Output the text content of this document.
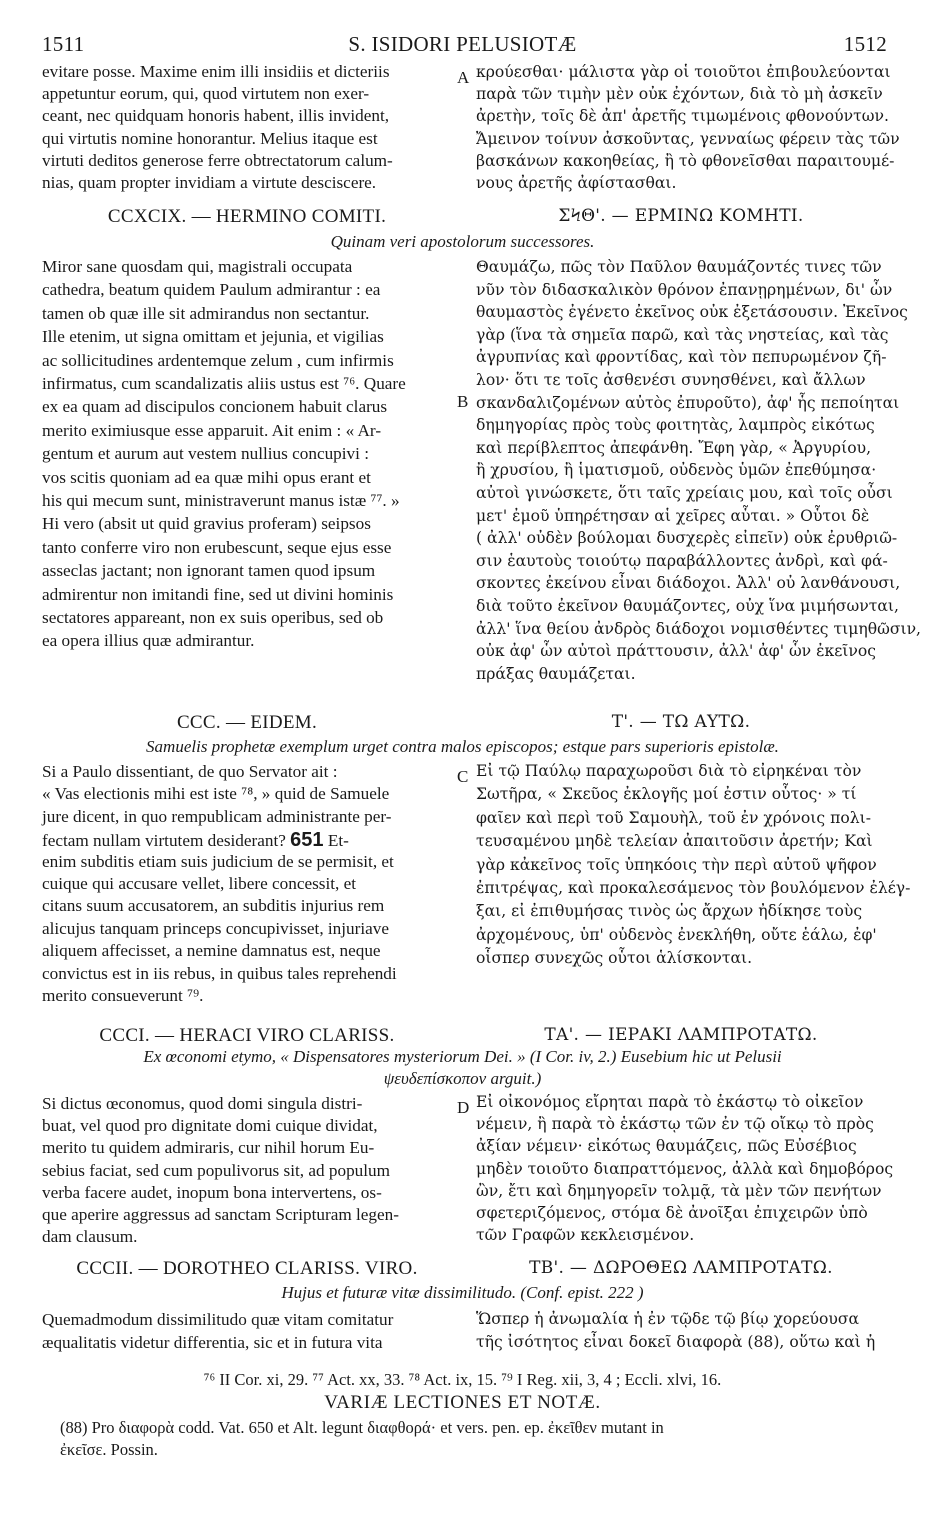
1511	S. ISIDORI PELUSIOTÆ	1512
evitare posse. Maxime enim illi insidiis et dicteriis
appetuntur eorum, qui, quod virtutem non exer-
ceant, nec quidquam honoris habent, illis invident,
qui virtutis nomine honorantur. Melius itaque est
virtuti deditos generose ferre obtrectatorum calum-
nias, quam propter invidiam a virtute desciscere.
κρούεσθαι· μάλιστα γὰρ οἱ τοιοῦτοι ἐπιβουλεύονται
παρὰ τῶν τιμὴν μὲν οὐκ ἐχόντων, διὰ τὸ μὴ ἀσκεῖν
ἀρετὴν, τοῖς δὲ ἀπ' ἀρετῆς τιμωμένοις φθονούντων.
Ἄμεινον τοίνυν ἀσκοῦντας, γενναίως φέρειν τὰς τῶν
βασκάνων κακοηθείας, ἢ τὸ φθονεῖσθαι παραιτουμέ-
νους ἀρετῆς ἀφίστασθαι.
CCXCIX. — HERMINO COMITI.	ΣϞΘ'. — ΕΡΜΙΝΩ ΚΟΜΗΤΙ.
Quinam veri apostolorum successores.
Miror sane quosdam qui, magistrali occupata
cathedra, beatum quidem Paulum admirantur : ea
tamen ob quæ ille sit admirandus non sectantur.
Ille etenim, ut signa omittam et jejunia, et vigilias
ac sollicitudines ardentemque zelum , cum infirmis
infirmatus, cum scandalizatis aliis ustus est ⁷⁶. Quare
ex ea quam ad discipulos concionem habuit clarus
merito eximiusque esse apparuit. Ait enim : « Ar-
gentum et aurum aut vestem nullius concupivi :
vos scitis quoniam ad ea quæ mihi opus erant et
his qui mecum sunt, ministraverunt manus istæ ⁷⁷. »
Hi vero (absit ut quid gravius proferam) seipsos
tanto conferre viro non erubescunt, seque ejus esse
asseclas jactant; non ignorant tamen quod ipsum
admirentur non imitandi fine, sed ut divini hominis
sectatores appareant, non ex suis operibus, sed ob
ea opera illius quæ admirantur.
Θαυμάζω, πῶς τὸν Παῦλον θαυμάζοντές τινες τῶν
νῦν τὸν διδασκαλικὸν θρόνον ἐπανῃρημένων, δι' ὧν
θαυμαστὸς ἐγένετο ἐκεῖνος οὐκ ἐξετάσουσιν. Ἐκεῖνος
γὰρ (ἵνα τὰ σημεῖα παρῶ, καὶ τὰς νηστείας, καὶ τὰς
ἀγρυπνίας καὶ φροντίδας, καὶ τὸν πεπυρωμένον ζῆ-
λον· ὅτι τε τοῖς ἀσθενέσι συνησθένει, καὶ ἄλλων
σκανδαλιζομένων αὐτὸς ἐπυροῦτο), ἀφ' ἧς πεποίηται
δημηγορίας πρὸς τοὺς φοιτητὰς, λαμπρὸς εἰκότως
καὶ περίβλεπτος ἀπεφάνθη. Ἔφη γὰρ, « Ἀργυρίου,
ἢ χρυσίου, ἢ ἱματισμοῦ, οὐδενὸς ὑμῶν ἐπεθύμησα·
αὐτοὶ γινώσκετε, ὅτι ταῖς χρείαις μου, καὶ τοῖς οὖσι
μετ' ἐμοῦ ὑπηρέτησαν αἱ χεῖρες αὗται. » Οὗτοι δὲ
( ἀλλ' οὐδὲν βούλομαι δυσχερὲς εἰπεῖν) οὐκ ἐρυθριῶ-
σιν ἑαυτοὺς τοιούτῳ παραβάλλοντες ἀνδρὶ, καὶ φά-
σκοντες ἐκείνου εἶναι διάδοχοι. Ἀλλ' οὐ λανθάνουσι,
διὰ τοῦτο ἐκεῖνον θαυμάζοντες, οὐχ ἵνα μιμήσωνται,
ἀλλ' ἵνα θείου ἀνδρὸς διάδοχοι νομισθέντες τιμηθῶσιν,
οὐκ ἀφ' ὧν αὐτοὶ πράττουσιν, ἀλλ' ἀφ' ὧν ἐκεῖνος
πράξας θαυμάζεται.
CCC. — EIDEM.	Τ'. — ΤΩ ΑΥΤΩ.
Samuelis prophetæ exemplum urget contra malos episcopos; estque pars superioris epistolæ.
Si a Paulo dissentiant, de quo Servator ait :
« Vas electionis mihi est iste ⁷⁸, » quid de Samuele
jure dicent, in quo rempublicam administrante per-
fectam nullam virtutem desiderant? 651 Et-
enim subditis etiam suis judicium de se permisit, et
cuique qui accusare vellet, libere concessit, et
citans suum accusatorem, an subditis injurius rem
alicujus tanquam princeps concupivisset, injuriave
aliquem affecisset, a nemine damnatus est, neque
convictus est in iis rebus, in quibus tales reprehendi
merito consueverunt ⁷⁹.
Εἰ τῷ Παύλῳ παραχωροῦσι διὰ τὸ εἰρηκέναι τὸν
Σωτῆρα, « Σκεῦος ἐκλογῆς μοί ἐστιν οὗτος· » τί
φαῖεν καὶ περὶ τοῦ Σαμουὴλ, τοῦ ἐν χρόνοις πολι-
τευσαμένου μηδὲ τελείαν ἀπαιτοῦσιν ἀρετήν; Καὶ
γὰρ κἀκεῖνος τοῖς ὑπηκόοις τὴν περὶ αὐτοῦ ψῆφον
ἐπιτρέψας, καὶ προκαλεσάμενος τὸν βουλόμενον ἐλέγ-
ξαι, εἰ ἐπιθυμήσας τινὸς ὡς ἄρχων ἠδίκησε τοὺς
ἀρχομένους, ὑπ' οὐδενὸς ἐνεκλήθη, οὔτε ἑάλω, ἐφ'
οἷσπερ συνεχῶς οὗτοι ἁλίσκονται.
CCCI. — HERACI VIRO CLARISS.	ΤΑ'. — ΙΕΡΑΚΙ ΛΑΜΠΡΟΤΑΤΩ.
Ex œconomi etymo, « Dispensatores mysteriorum Dei. » (I Cor. iv, 2.) Eusebium hic ut Pelusii
ψευδεπίσκοπον arguit.)
Si dictus œconomus, quod domi singula distri-
buat, vel quod pro dignitate domi cuique dividat,
merito tu quidem admiraris, cur nihil horum Eu-
sebius faciat, sed cum populivorus sit, ad populum
verba facere audet, inopum bona intervertens, os-
que aperire aggressus ad sanctam Scripturam legen-
dam clausum.
Εἰ οἰκονόμος εἴρηται παρὰ τὸ ἑκάστῳ τὸ οἰκεῖον
νέμειν, ἢ παρὰ τὸ ἑκάστῳ τῶν ἐν τῷ οἴκῳ τὸ πρὸς
ἀξίαν νέμειν· εἰκότως θαυμάζεις, πῶς Εὐσέβιος
μηδὲν τοιοῦτο διαπραττόμενος, ἀλλὰ καὶ δημοβόρος
ὢν, ἔτι καὶ δημηγορεῖν τολμᾷ, τὰ μὲν τῶν πενήτων
σφετεριζόμενος, στόμα δὲ ἀνοῖξαι ἐπιχειρῶν ὑπὸ
τῶν Γραφῶν κεκλεισμένον.
CCCII. — DOROTHEO CLARISS. VIRO.	ΤΒ'. — ΔΩΡΟΘΕΩ ΛΑΜΠΡΟΤΑΤΩ.
Hujus et futuræ vitæ dissimilitudo. (Conf. epist. 222 )
Quemadmodum dissimilitudo quæ vitam comitatur
æqualitatis videtur differentia, sic et in futura vita
Ὥσπερ ἡ ἀνωμαλία ἡ ἐν τῷδε τῷ βίῳ χορεύουσα
τῆς ἰσότητος εἶναι δοκεῖ διαφορὰ (88), οὕτω καὶ ἡ
A
B
C
D
⁷⁶ II Cor. xi, 29. ⁷⁷ Act. xx, 33. ⁷⁸ Act. ix, 15. ⁷⁹ I Reg. xii, 3, 4 ; Eccli. xlvi, 16.
VARIÆ LECTIONES ET NOTÆ.
(88) Pro διαφορὰ codd. Vat. 650 et Alt. legunt διαφθορά· et vers. pen. ep. ἐκεῖθεν mutant in
ἐκεῖσε. Possin.
